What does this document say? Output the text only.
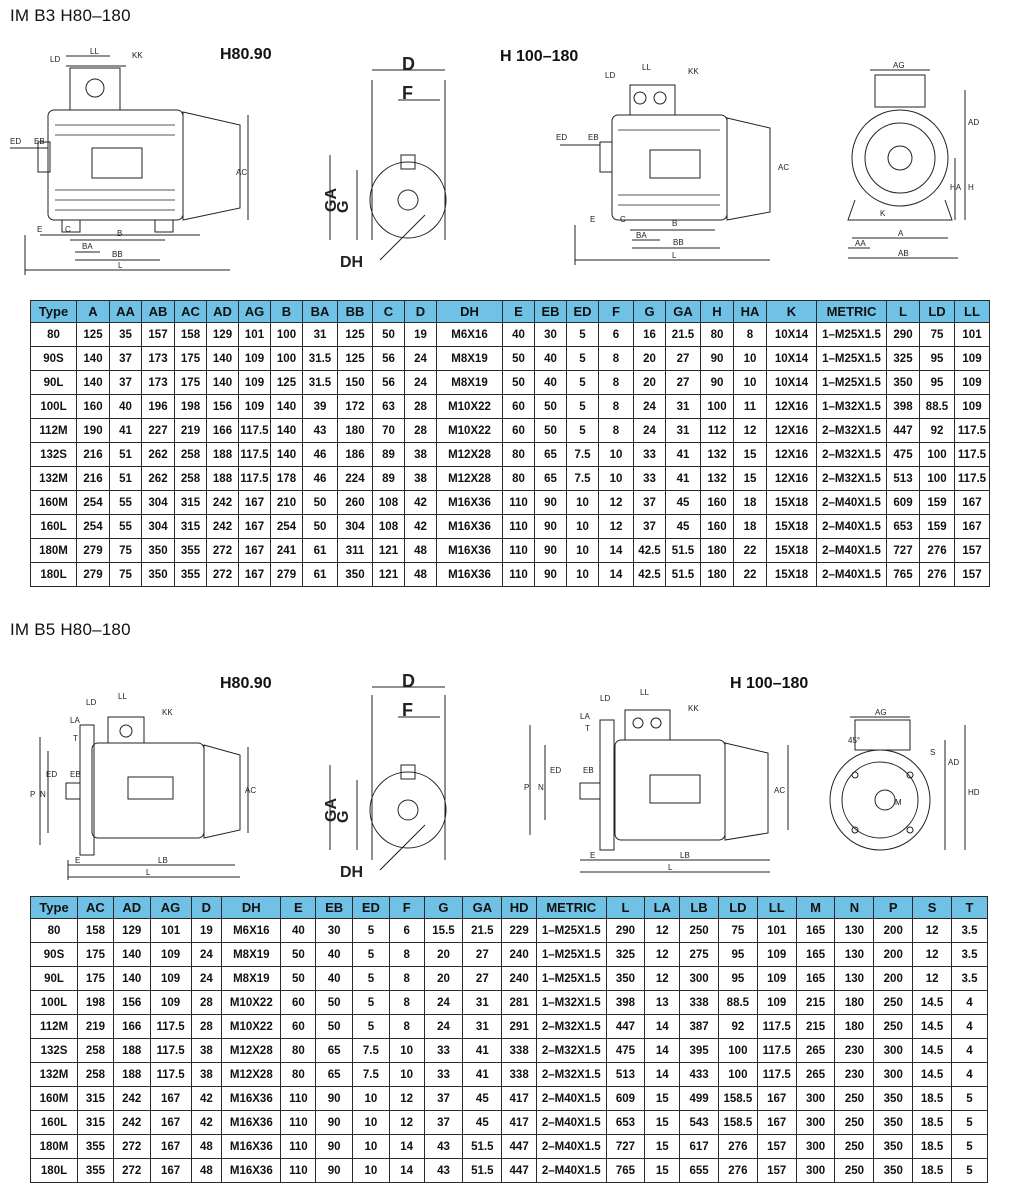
IM B3 H80–180
H80.90	H 100–180
LL
LD	KK
ED EB
AC
E	C	B
BA
BB
L
D
F
GA
G
DH
LL
LD	KK
ED	EB
AC
E	C	B
BA
BB
L
AG
AD
H
HA
K
A
AA
AB
Type	A	AA	AB	AC	AD	AG	B	BA	BB	C	D	DH	E	EB	ED	F	G	GA	H	HA	K	METRIC	L	LD	LL
80	125	35	157	158	129	101	100	31	125	50	19	M6X16	40	30	5	6	16	21.5	80	8	10X14	1–M25X1.5	290	75	101
90S	140	37	173	175	140	109	100	31.5	125	56	24	M8X19	50	40	5	8	20	27	90	10	10X14	1–M25X1.5	325	95	109
90L	140	37	173	175	140	109	125	31.5	150	56	24	M8X19	50	40	5	8	20	27	90	10	10X14	1–M25X1.5	350	95	109
100L	160	40	196	198	156	109	140	39	172	63	28	M10X22	60	50	5	8	24	31	100	11	12X16	1–M32X1.5	398	88.5	109
112M	190	41	227	219	166	117.5	140	43	180	70	28	M10X22	60	50	5	8	24	31	112	12	12X16	2–M32X1.5	447	92	117.5
132S	216	51	262	258	188	117.5	140	46	186	89	38	M12X28	80	65	7.5	10	33	41	132	15	12X16	2–M32X1.5	475	100	117.5
132M	216	51	262	258	188	117.5	178	46	224	89	38	M12X28	80	65	7.5	10	33	41	132	15	12X16	2–M32X1.5	513	100	117.5
160M	254	55	304	315	242	167	210	50	260	108	42	M16X36	110	90	10	12	37	45	160	18	15X18	2–M40X1.5	609	159	167
160L	254	55	304	315	242	167	254	50	304	108	42	M16X36	110	90	10	12	37	45	160	18	15X18	2–M40X1.5	653	159	167
180M	279	75	350	355	272	167	241	61	311	121	48	M16X36	110	90	10	14	42.5	51.5	180	22	15X18	2–M40X1.5	727	276	157
180L	279	75	350	355	272	167	279	61	350	121	48	M16X36	110	90	10	14	42.5	51.5	180	22	15X18	2–M40X1.5	765	276	157
IM B5 H80–180
H80.90	H 100–180
LD
LL
LA
KK
T
ED EB
P N	AC
E	LB
L
D
F
GA
G
DH
LD
LL
LA
KK
T
ED	EB
P N	AC
E	LB
L
AG
45°
S
AD
HD
M
Type	AC	AD	AG	D	DH	E	EB	ED	F	G	GA	HD	METRIC	L	LA	LB	LD	LL	M	N	P	S	T
80	158	129	101	19	M6X16	40	30	5	6	15.5	21.5	229	1–M25X1.5	290	12	250	75	101	165	130	200	12	3.5
90S	175	140	109	24	M8X19	50	40	5	8	20	27	240	1–M25X1.5	325	12	275	95	109	165	130	200	12	3.5
90L	175	140	109	24	M8X19	50	40	5	8	20	27	240	1–M25X1.5	350	12	300	95	109	165	130	200	12	3.5
100L	198	156	109	28	M10X22	60	50	5	8	24	31	281	1–M32X1.5	398	13	338	88.5	109	215	180	250	14.5	4
112M	219	166	117.5	28	M10X22	60	50	5	8	24	31	291	2–M32X1.5	447	14	387	92	117.5	215	180	250	14.5	4
132S	258	188	117.5	38	M12X28	80	65	7.5	10	33	41	338	2–M32X1.5	475	14	395	100	117.5	265	230	300	14.5	4
132M	258	188	117.5	38	M12X28	80	65	7.5	10	33	41	338	2–M32X1.5	513	14	433	100	117.5	265	230	300	14.5	4
160M	315	242	167	42	M16X36	110	90	10	12	37	45	417	2–M40X1.5	609	15	499	158.5	167	300	250	350	18.5	5
160L	315	242	167	42	M16X36	110	90	10	12	37	45	417	2–M40X1.5	653	15	543	158.5	167	300	250	350	18.5	5
180M	355	272	167	48	M16X36	110	90	10	14	43	51.5	447	2–M40X1.5	727	15	617	276	157	300	250	350	18.5	5
180L	355	272	167	48	M16X36	110	90	10	14	43	51.5	447	2–M40X1.5	765	15	655	276	157	300	250	350	18.5	5
